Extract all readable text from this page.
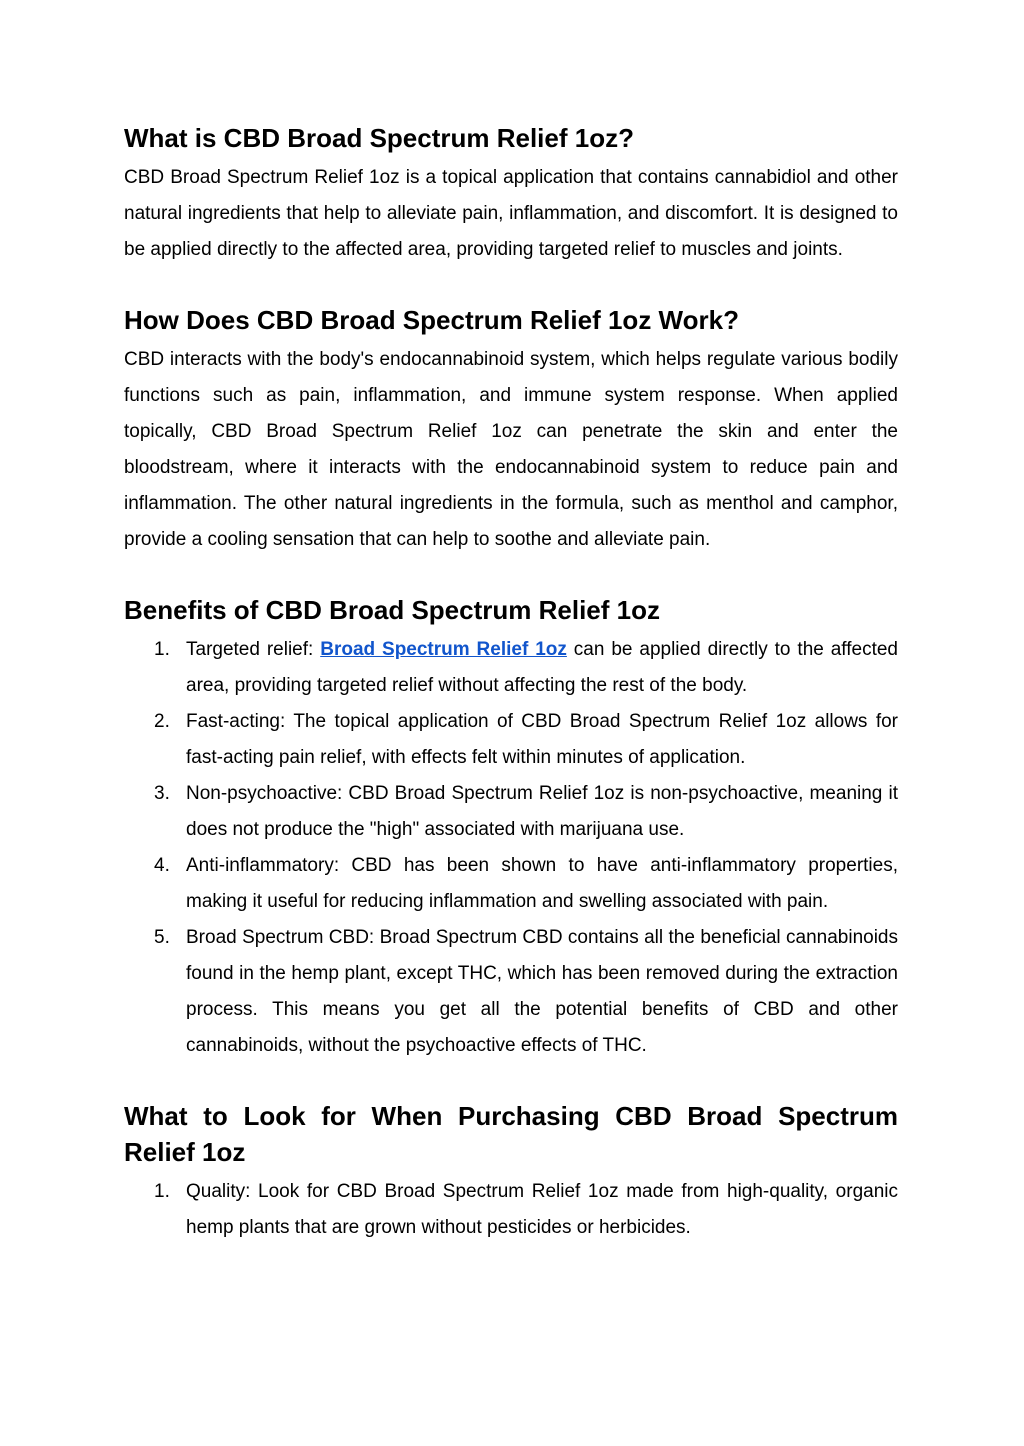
What is CBD Broad Spectrum Relief 1oz?

CBD Broad Spectrum Relief 1oz is a topical application that contains cannabidiol and other natural ingredients that help to alleviate pain, inflammation, and discomfort. It is designed to be applied directly to the affected area, providing targeted relief to muscles and joints.

How Does CBD Broad Spectrum Relief 1oz Work?

CBD interacts with the body's endocannabinoid system, which helps regulate various bodily functions such as pain, inflammation, and immune system response. When applied topically, CBD Broad Spectrum Relief 1oz can penetrate the skin and enter the bloodstream, where it interacts with the endocannabinoid system to reduce pain and inflammation. The other natural ingredients in the formula, such as menthol and camphor, provide a cooling sensation that can help to soothe and alleviate pain.

Benefits of CBD Broad Spectrum Relief 1oz
1. Targeted relief: Broad Spectrum Relief 1oz can be applied directly to the affected area, providing targeted relief without affecting the rest of the body.
2. Fast-acting: The topical application of CBD Broad Spectrum Relief 1oz allows for fast-acting pain relief, with effects felt within minutes of application.
3. Non-psychoactive: CBD Broad Spectrum Relief 1oz is non-psychoactive, meaning it does not produce the "high" associated with marijuana use.
4. Anti-inflammatory: CBD has been shown to have anti-inflammatory properties, making it useful for reducing inflammation and swelling associated with pain.
5. Broad Spectrum CBD: Broad Spectrum CBD contains all the beneficial cannabinoids found in the hemp plant, except THC, which has been removed during the extraction process. This means you get all the potential benefits of CBD and other cannabinoids, without the psychoactive effects of THC.
What to Look for When Purchasing CBD Broad Spectrum Relief 1oz
1. Quality: Look for CBD Broad Spectrum Relief 1oz made from high-quality, organic hemp plants that are grown without pesticides or herbicides.
